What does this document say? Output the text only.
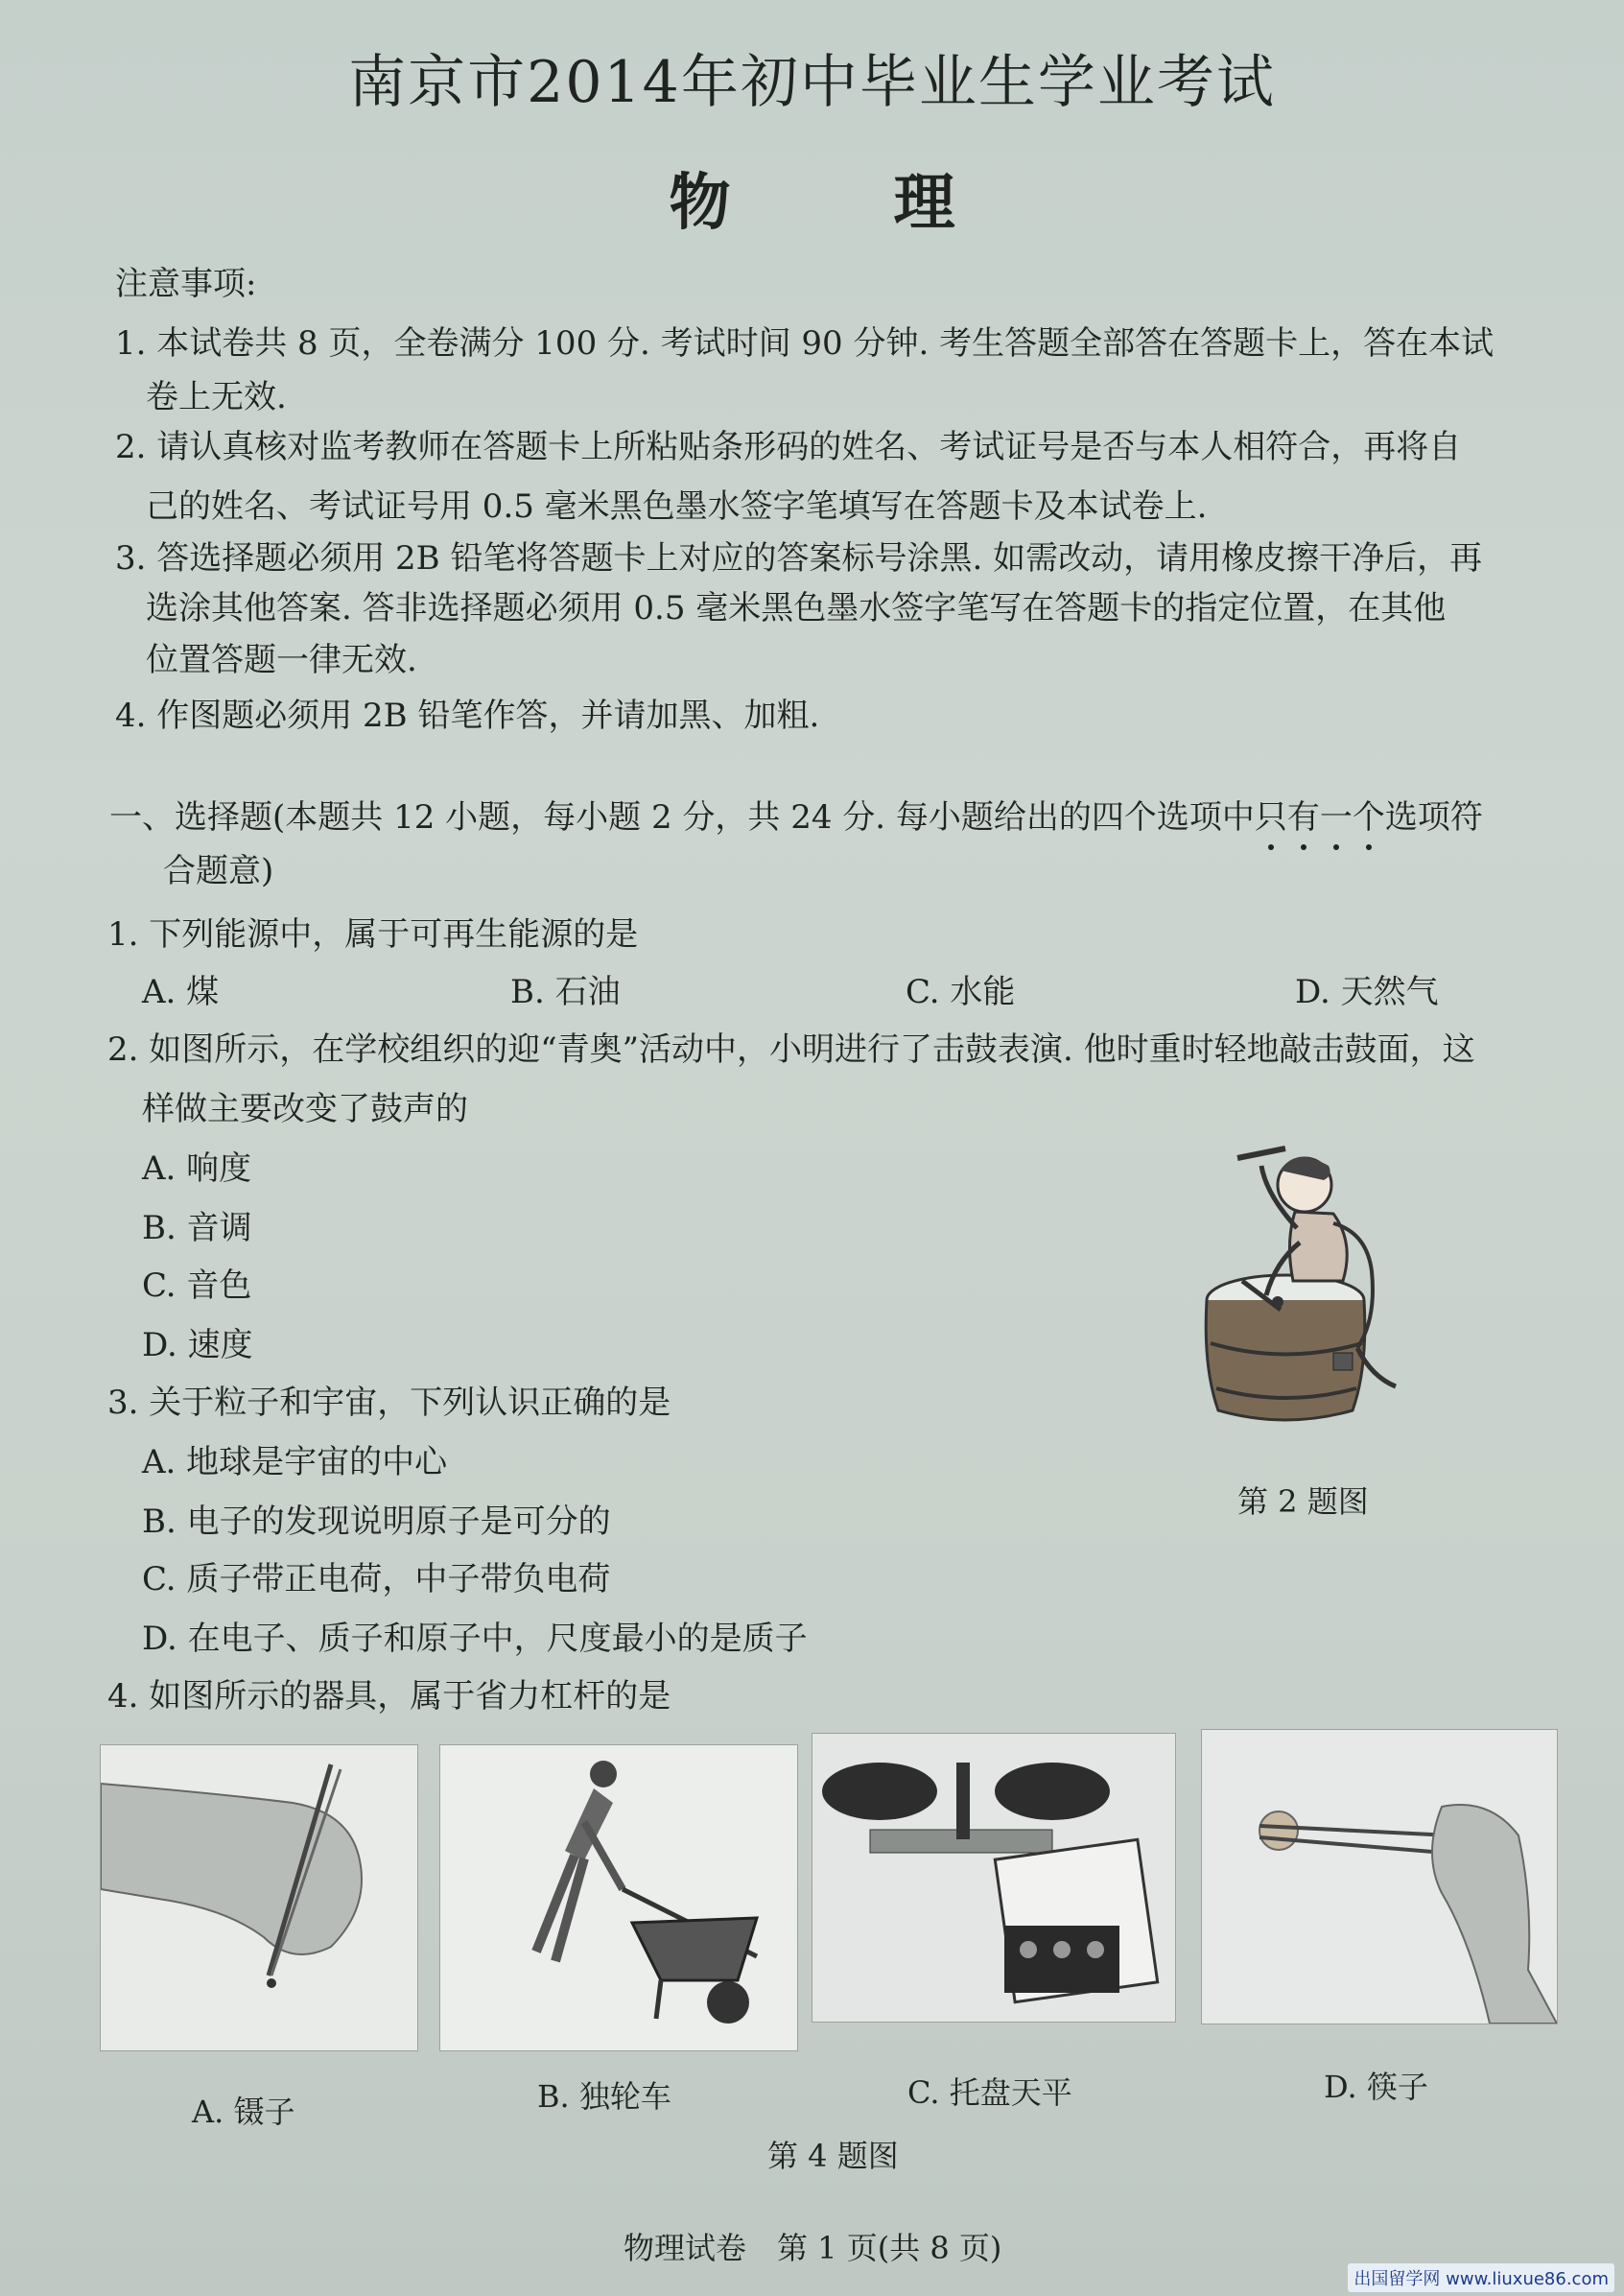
南京市2014年初中毕业生学业考试
物理
注意事项:
1. 本试卷共 8 页，全卷满分 100 分. 考试时间 90 分钟. 考生答题全部答在答题卡上，答在本试
卷上无效.
2. 请认真核对监考教师在答题卡上所粘贴条形码的姓名、考试证号是否与本人相符合，再将自
己的姓名、考试证号用 0.5 毫米黑色墨水签字笔填写在答题卡及本试卷上.
3. 答选择题必须用 2B 铅笔将答题卡上对应的答案标号涂黑. 如需改动，请用橡皮擦干净后，再
选涂其他答案. 答非选择题必须用 0.5 毫米黑色墨水签字笔写在答题卡的指定位置，在其他
位置答题一律无效.
4. 作图题必须用 2B 铅笔作答，并请加黑、加粗.
一、选择题(本题共 12 小题，每小题 2 分，共 24 分. 每小题给出的四个选项中只有一个选项符
合题意)
1. 下列能源中，属于可再生能源的是
A. 煤	B. 石油	C. 水能	D. 天然气
2. 如图所示，在学校组织的迎“青奥”活动中，小明进行了击鼓表演. 他时重时轻地敲击鼓面，这
样做主要改变了鼓声的
A. 响度
B. 音调
C. 音色
D. 速度
第 2 题图
3. 关于粒子和宇宙，下列认识正确的是
A. 地球是宇宙的中心
B. 电子的发现说明原子是可分的
C. 质子带正电荷，中子带负电荷
D. 在电子、质子和原子中，尺度最小的是质子
4. 如图所示的器具，属于省力杠杆的是
A. 镊子	B. 独轮车	C. 托盘天平	D. 筷子
第 4 题图
物理试卷　第 1 页(共 8 页)
出国留学网 www.liuxue86.com
